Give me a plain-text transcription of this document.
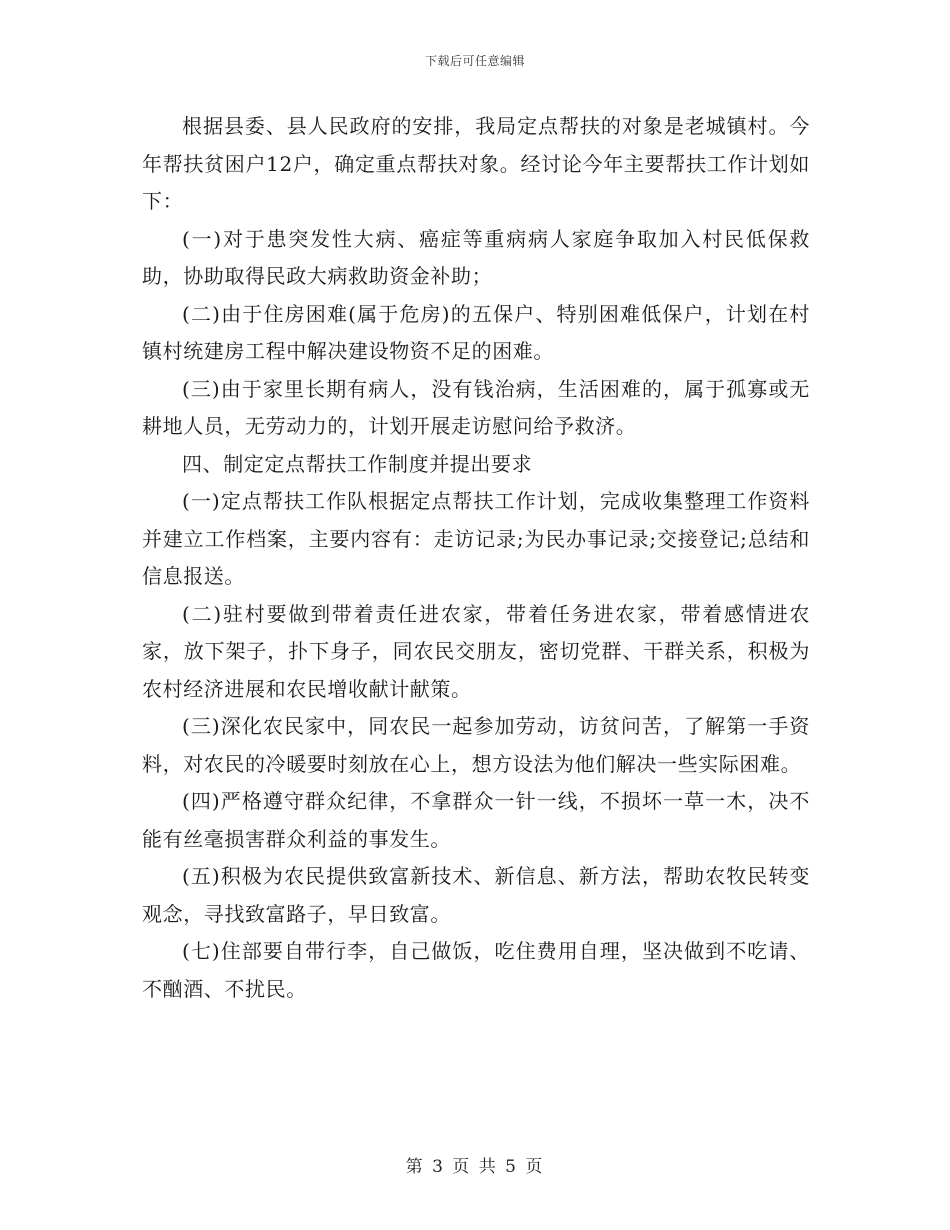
下载后可任意编辑

根据县委、县人民政府的安排，我局定点帮扶的对象是老城镇村。今年帮扶贫困户12户，确定重点帮扶对象。经讨论今年主要帮扶工作计划如下：

(一)对于患突发性大病、癌症等重病病人家庭争取加入村民低保救助，协助取得民政大病救助资金补助；

(二)由于住房困难(属于危房)的五保户、特别困难低保户，计划在村镇村统建房工程中解决建设物资不足的困难。

(三)由于家里长期有病人，没有钱治病，生活困难的，属于孤寡或无耕地人员，无劳动力的，计划开展走访慰问给予救济。

四、制定定点帮扶工作制度并提出要求

(一)定点帮扶工作队根据定点帮扶工作计划，完成收集整理工作资料并建立工作档案，主要内容有：走访记录;为民办事记录;交接登记;总结和信息报送。

(二)驻村要做到带着责任进农家，带着任务进农家，带着感情进农家，放下架子，扑下身子，同农民交朋友，密切党群、干群关系，积极为农村经济进展和农民增收献计献策。

(三)深化农民家中，同农民一起参加劳动，访贫问苦，了解第一手资料，对农民的冷暖要时刻放在心上，想方设法为他们解决一些实际困难。

(四)严格遵守群众纪律，不拿群众一针一线，不损坏一草一木，决不能有丝毫损害群众利益的事发生。

(五)积极为农民提供致富新技术、新信息、新方法，帮助农牧民转变观念，寻找致富路子，早日致富。

(七)住部要自带行李，自己做饭，吃住费用自理，坚决做到不吃请、不酗酒、不扰民。

第 3 页 共 5 页
